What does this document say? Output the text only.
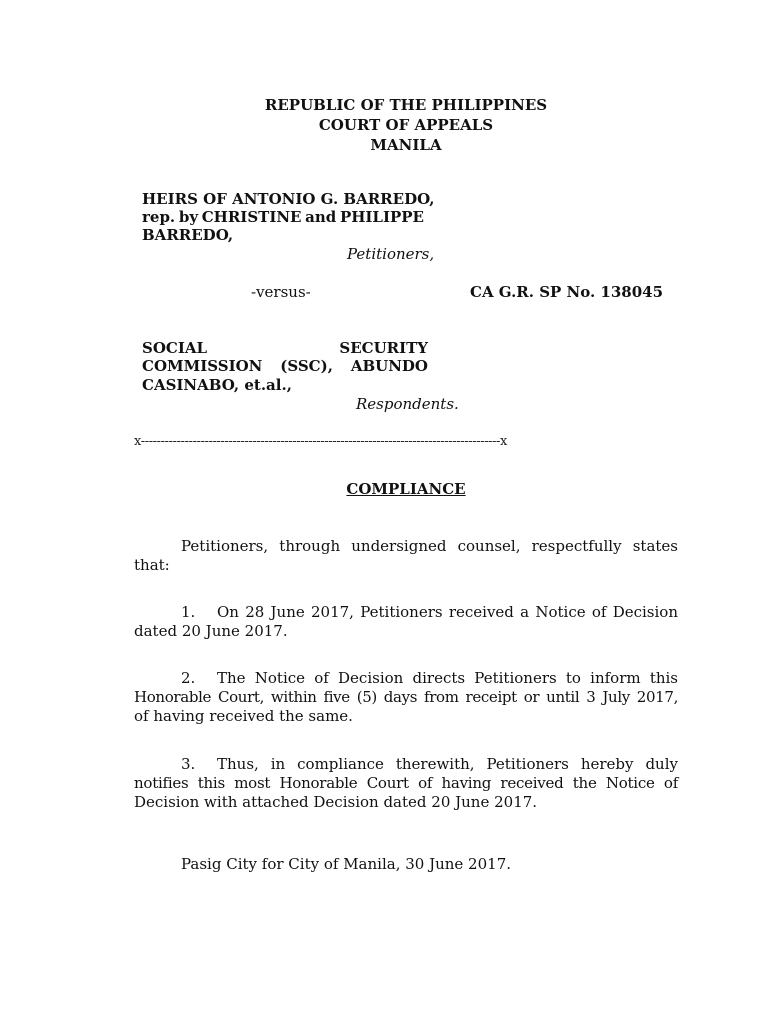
REPUBLIC OF THE PHILIPPINES
COURT OF APPEALS
MANILA
HEIRS OF ANTONIO G. BARREDO,
rep. by CHRISTINE and PHILIPPE
BARREDO,
Petitioners,
-versus-	CA G.R. SP No. 138045
SOCIAL	SECURITY
COMMISSION (SSC), ABUNDO
CASINABO, et.al.,
Respondents.
x------------------------------------------------------------------------------------------x
COMPLIANCE
Petitioners, through undersigned counsel, respectfully states
that:
1. On 28 June 2017, Petitioners received a Notice of Decision
dated 20 June 2017.
2. The Notice of Decision directs Petitioners to inform this
Honorable Court, within five (5) days from receipt or until 3 July 2017,
of having received the same.
3. Thus, in compliance therewith, Petitioners hereby duly
notifies this most Honorable Court of having received the Notice of
Decision with attached Decision dated 20 June 2017.
Pasig City for City of Manila, 30 June 2017.
